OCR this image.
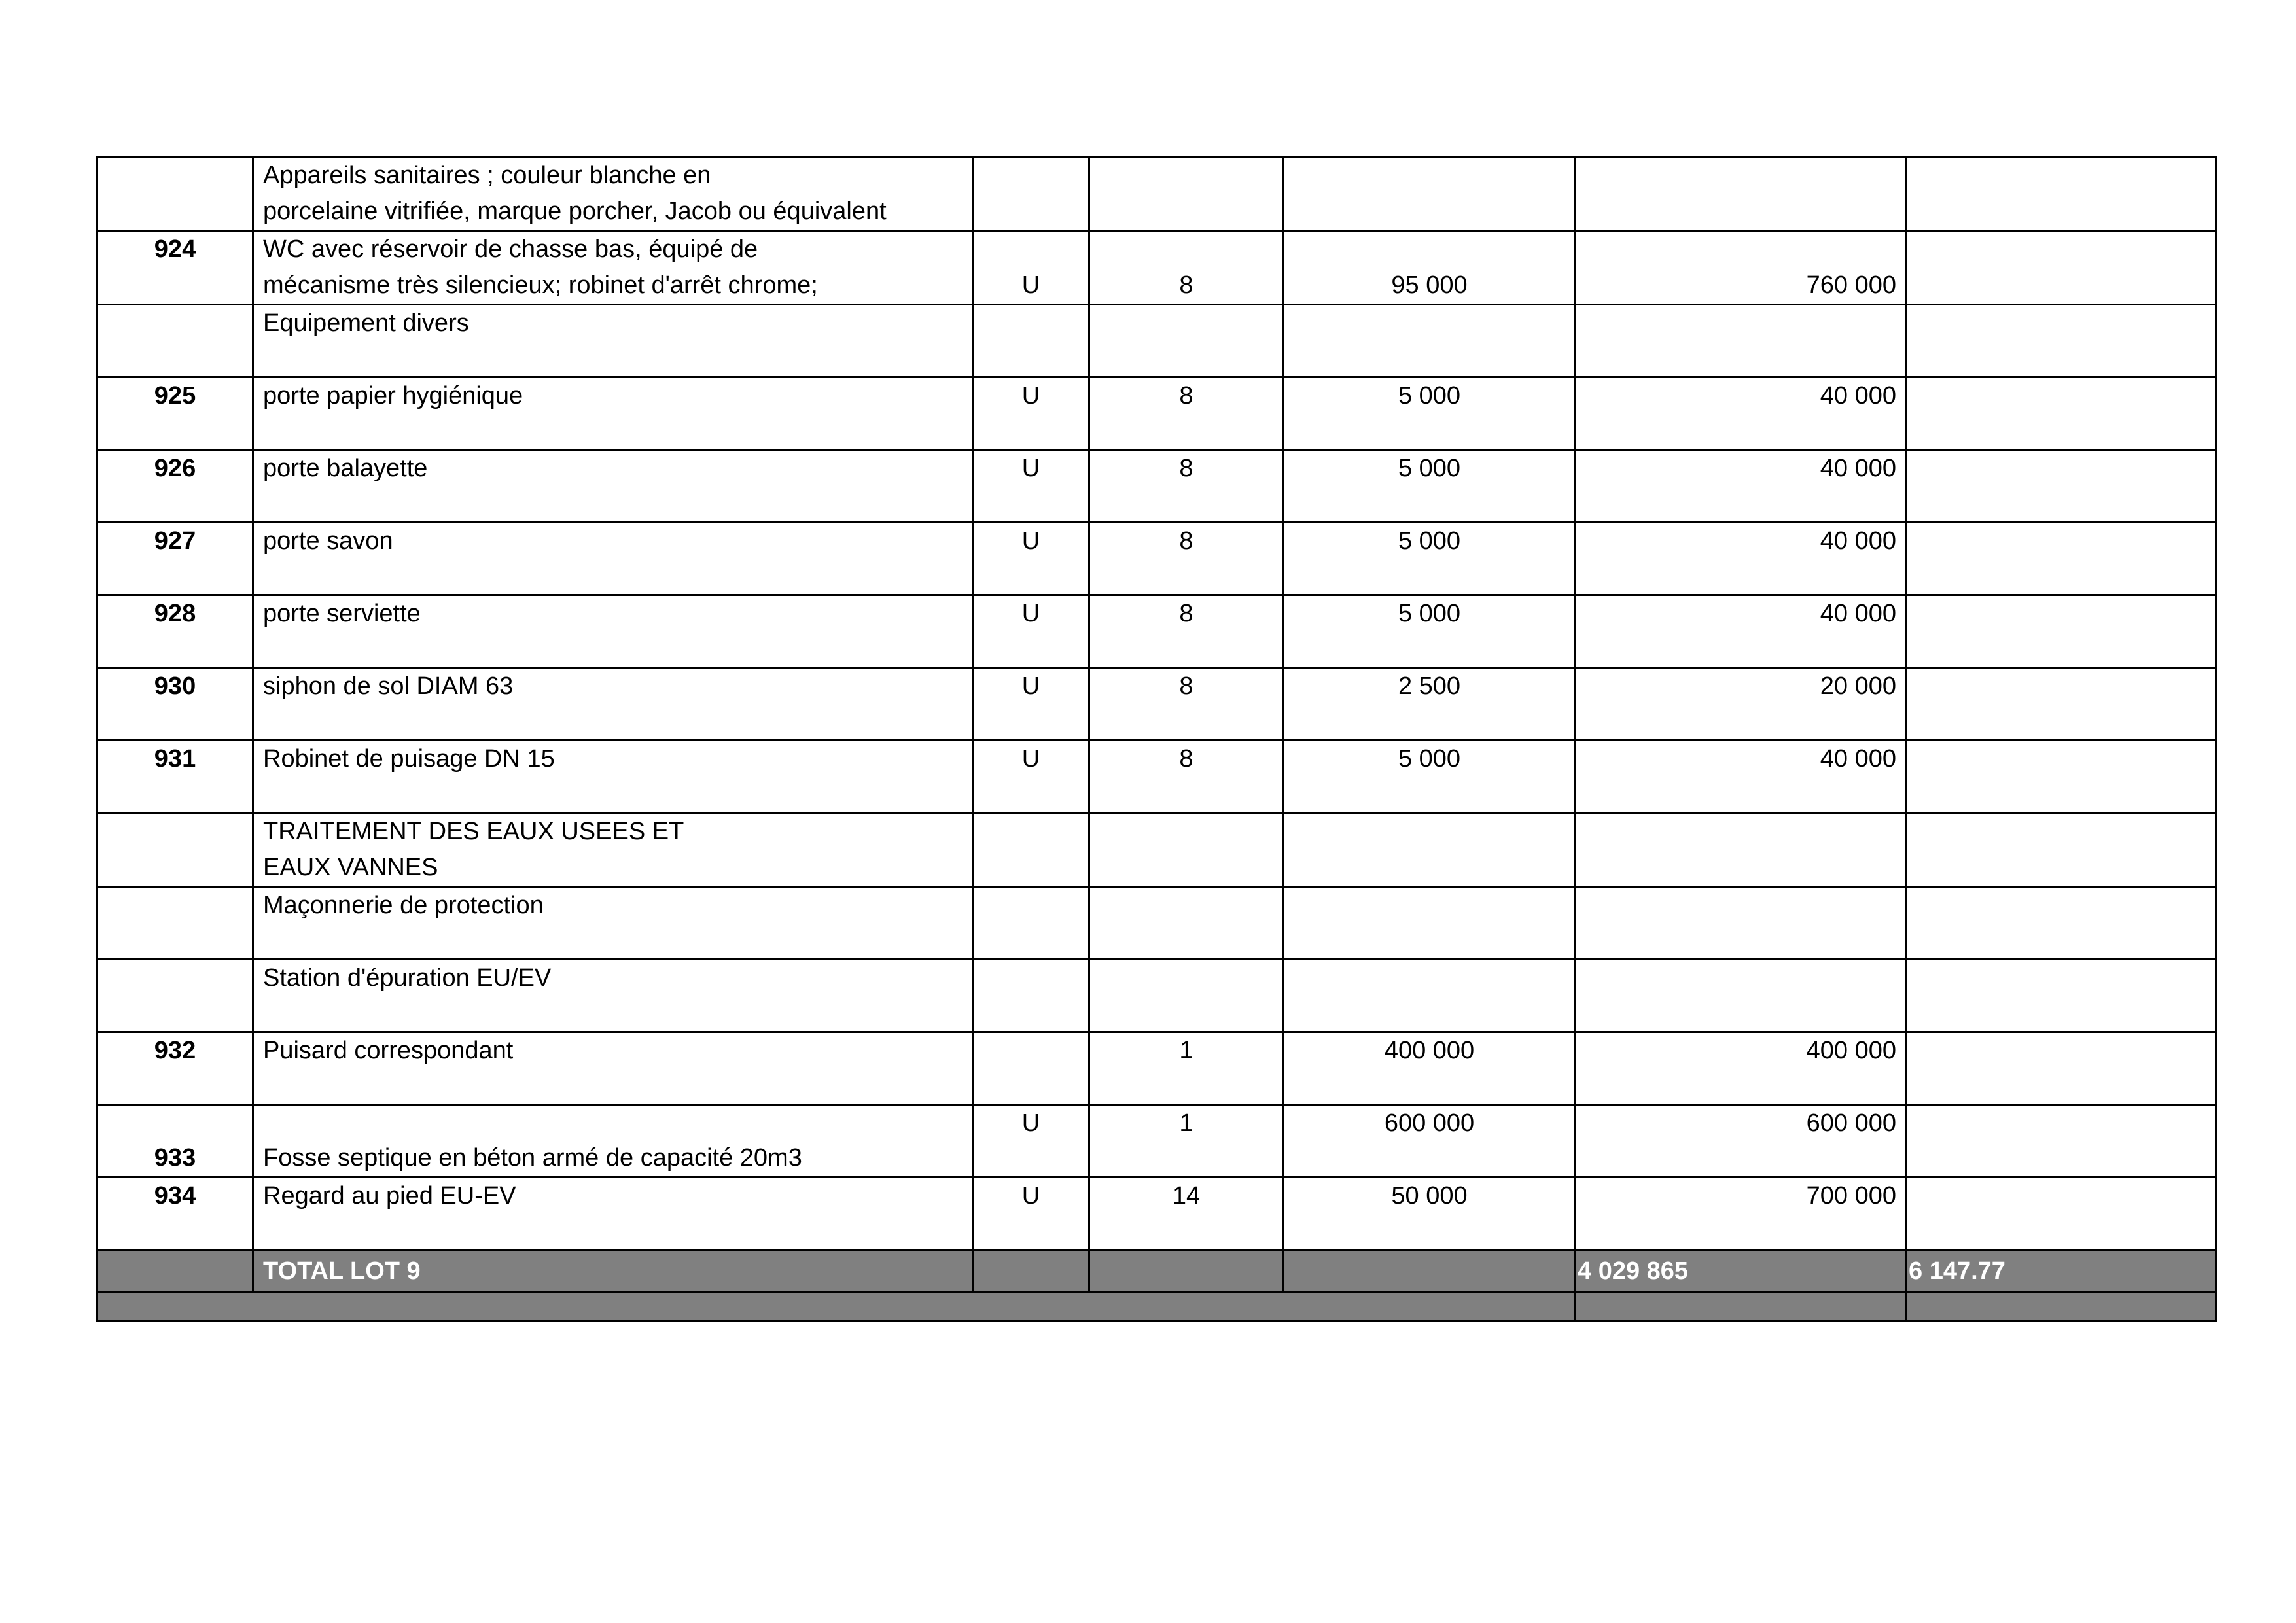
	Appareils sanitaires ; couleur blanche en
porcelaine vitrifiée, marque porcher, Jacob ou équivalent					

924	WC avec réservoir de chasse bas, équipé de
mécanisme très silencieux; robinet d'arrêt chrome;	U	8	95 000	760 000	

	Equipement divers					

925	porte papier hygiénique	U	8	5 000	40 000	
926	porte balayette	U	8	5 000	40 000	
927	porte savon	U	8	5 000	40 000	
928	porte serviette	U	8	5 000	40 000	
930	siphon de sol DIAM 63	U	8	2 500	20 000	
931	Robinet de puisage DN 15	U	8	5 000	40 000	

	TRAITEMENT DES EAUX USEES ET
EAUX VANNES					

	Maçonnerie de protection					

	Station d'épuration EU/EV					

932	Puisard correspondant		1	400 000	400 000	
933	Fosse septique en béton armé de capacité 20m3	U	1	600 000	600 000	
934	Regard au pied EU-EV	U	14	50 000	700 000	
	TOTAL LOT 9				4 029 865	6 147.77
